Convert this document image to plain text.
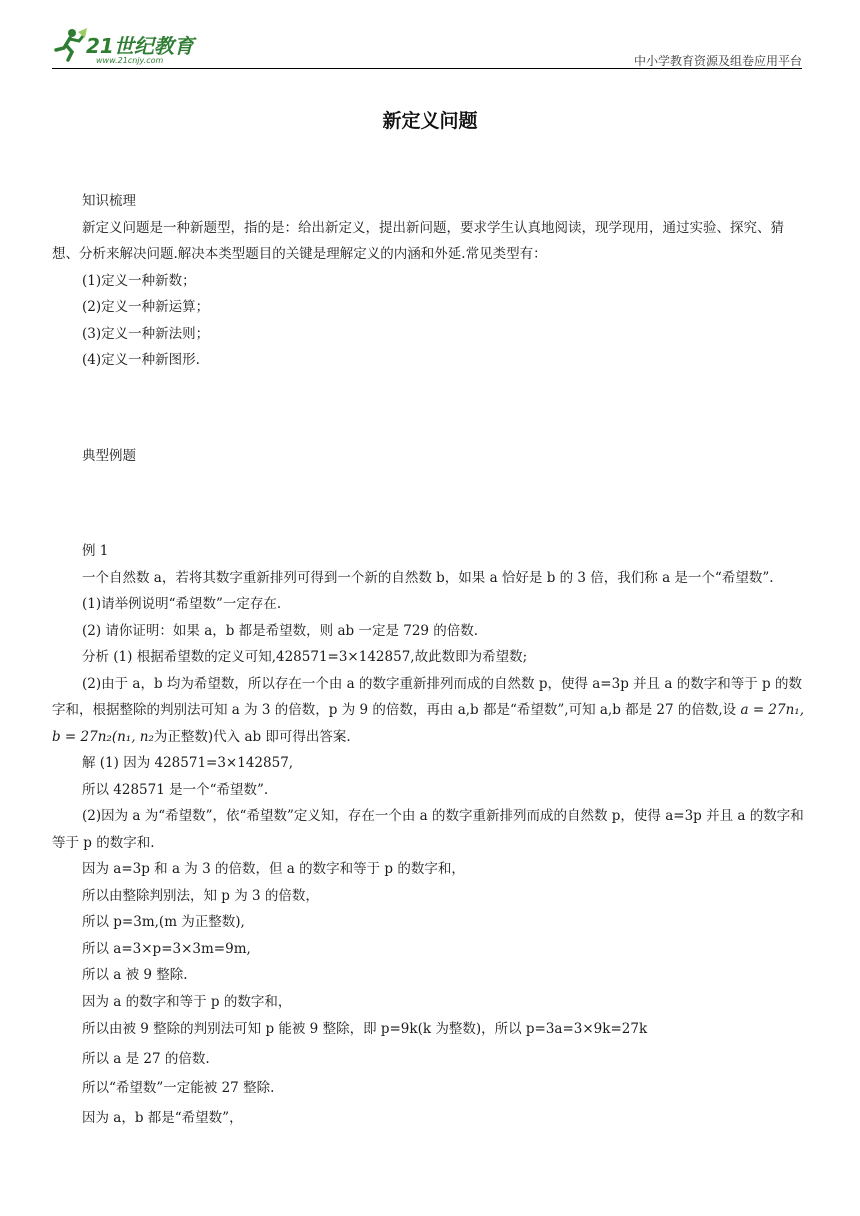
21世纪教育
www.21cnjy.com	中小学教育资源及组卷应用平台
新定义问题

知识梳理

新定义问题是一种新题型，指的是：给出新定义，提出新问题，要求学生认真地阅读，现学现用，通过实验、探究、猜想、分析来解决问题.解决本类型题目的关键是理解定义的内涵和外延.常见类型有：

(1)定义一种新数；

(2)定义一种新运算；

(3)定义一种新法则；

(4)定义一种新图形.

典型例题

例 1

一个自然数 a，若将其数字重新排列可得到一个新的自然数 b，如果 a 恰好是 b 的 3 倍，我们称 a 是一个“希望数”.

(1)请举例说明“希望数”一定存在.

(2) 请你证明：如果 a，b 都是希望数，则 ab 一定是 729 的倍数.

分析 (1) 根据希望数的定义可知,428571=3×142857,故此数即为希望数;

(2)由于 a，b 均为希望数，所以存在一个由 a 的数字重新排列而成的自然数 p，使得 a=3p 并且 a 的数字和等于 p 的数字和，根据整除的判别法可知 a 为 3 的倍数，p 为 9 的倍数，再由 a,b 都是“希望数”,可知 a,b 都是 27 的倍数,设 a = 27n₁, b = 27n₂(n₁, n₂为正整数)代入 ab 即可得出答案.

解 (1) 因为 428571=3×142857,

所以 428571 是一个“希望数”.

(2)因为 a 为“希望数”，依“希望数”定义知，存在一个由 a 的数字重新排列而成的自然数 p，使得 a=3p 并且 a 的数字和等于 p 的数字和.

因为 a=3p 和 a 为 3 的倍数，但 a 的数字和等于 p 的数字和，

所以由整除判别法，知 p 为 3 的倍数，

所以 p=3m,(m 为正整数),

所以 a=3×p=3×3m=9m,

所以 a 被 9 整除.

因为 a 的数字和等于 p 的数字和，

所以由被 9 整除的判别法可知 p 能被 9 整除，即 p=9k(k 为整数)，所以 p=3a=3×9k=27k

所以 a 是 27 的倍数.

所以“希望数”一定能被 27 整除.

因为 a，b 都是“希望数”，
